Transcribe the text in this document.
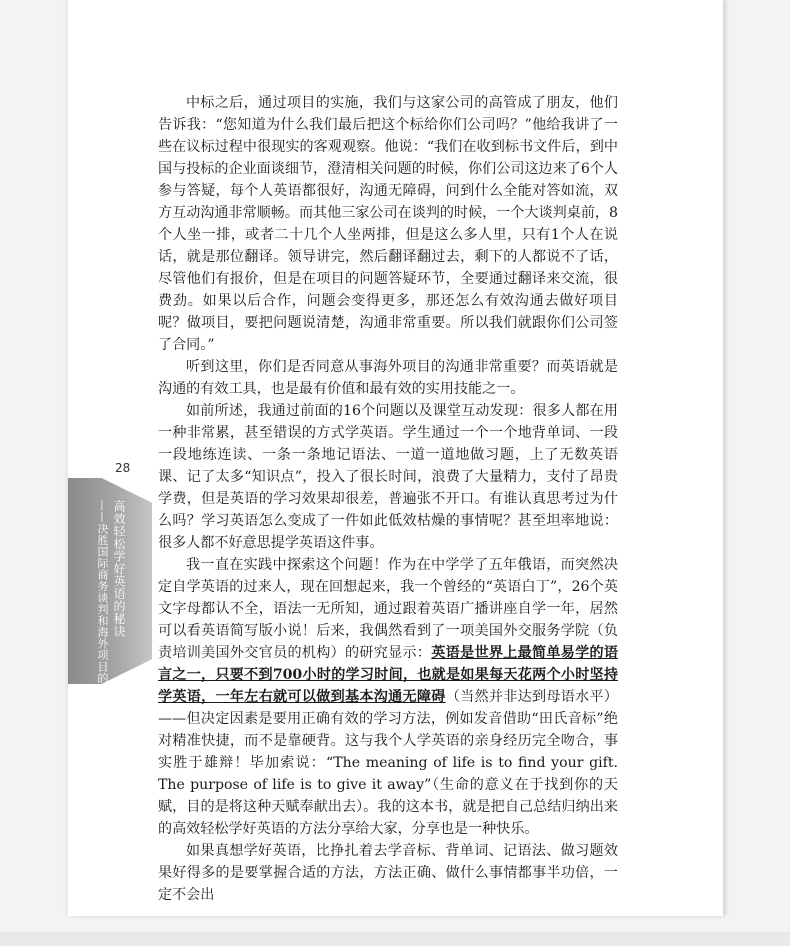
高效轻松学好英语的秘诀
——决胜国际商务谈判和海外项目的看家本领
28

中标之后，通过项目的实施，我们与这家公司的高管成了朋友，他们告诉我：“您知道为什么我们最后把这个标给你们公司吗？”他给我讲了一些在议标过程中很现实的客观观察。他说：“我们在收到标书文件后，到中国与投标的企业面谈细节，澄清相关问题的时候，你们公司这边来了6个人参与答疑，每个人英语都很好，沟通无障碍，问到什么全能对答如流，双方互动沟通非常顺畅。而其他三家公司在谈判的时候，一个大谈判桌前，8个人坐一排，或者二十几个人坐两排，但是这么多人里，只有1个人在说话，就是那位翻译。领导讲完，然后翻译翻过去，剩下的人都说不了话，尽管他们有报价，但是在项目的问题答疑环节，全要通过翻译来交流，很费劲。如果以后合作，问题会变得更多，那还怎么有效沟通去做好项目呢？做项目，要把问题说清楚，沟通非常重要。所以我们就跟你们公司签了合同。”

听到这里，你们是否同意从事海外项目的沟通非常重要？而英语就是沟通的有效工具，也是最有价值和最有效的实用技能之一。

如前所述，我通过前面的16个问题以及课堂互动发现：很多人都在用一种非常累，甚至错误的方式学英语。学生通过一个一个地背单词、一段一段地练连读、一条一条地记语法、一道一道地做习题，上了无数英语课、记了太多“知识点”，投入了很长时间，浪费了大量精力，支付了昂贵学费，但是英语的学习效果却很差，普遍张不开口。有谁认真思考过为什么吗？学习英语怎么变成了一件如此低效枯燥的事情呢？甚至坦率地说：很多人都不好意思提学英语这件事。

我一直在实践中探索这个问题！作为在中学学了五年俄语，而突然决定自学英语的过来人，现在回想起来，我一个曾经的“英语白丁”，26个英文字母都认不全，语法一无所知，通过跟着英语广播讲座自学一年，居然可以看英语简写版小说！后来，我偶然看到了一项美国外交服务学院（负责培训美国外交官员的机构）的研究显示：英语是世界上最简单易学的语言之一，只要不到700小时的学习时间，也就是如果每天花两个小时坚持学英语，一年左右就可以做到基本沟通无障碍（当然并非达到母语水平）——但决定因素是要用正确有效的学习方法，例如发音借助“田氏音标”绝对精准快捷，而不是靠硬背。这与我个人学英语的亲身经历完全吻合，事实胜于雄辩！毕加索说：“The meaning of life is to find your gift. The purpose of life is to give it away”（生命的意义在于找到你的天赋，目的是将这种天赋奉献出去）。我的这本书，就是把自己总结归纳出来的高效轻松学好英语的方法分享给大家，分享也是一种快乐。

如果真想学好英语，比挣扎着去学音标、背单词、记语法、做习题效果好得多的是要掌握合适的方法，方法正确、做什么事情都事半功倍，一定不会出
